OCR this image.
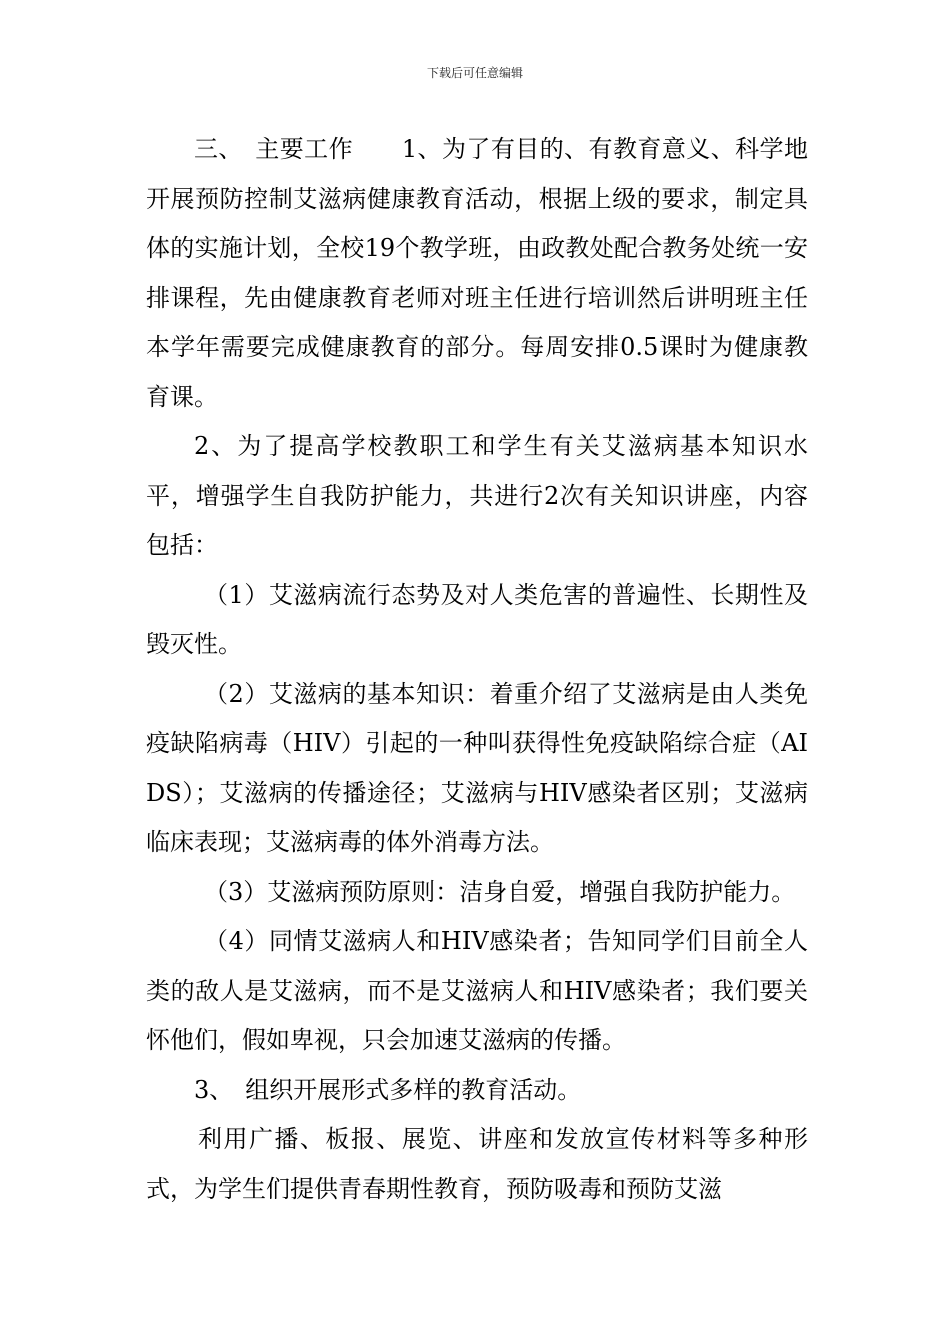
下载后可任意编辑

三、　主要工作　　1、为了有目的、有教育意义、科学地开展预防控制艾滋病健康教育活动，根据上级的要求，制定具体的实施计划，全校19个教学班，由政教处配合教务处统一安排课程，先由健康教育老师对班主任进行培训然后讲明班主任本学年需要完成健康教育的部分。每周安排0.5课时为健康教育课。

2、为了提高学校教职工和学生有关艾滋病基本知识水平，增强学生自我防护能力，共进行2次有关知识讲座，内容包括：

（1）艾滋病流行态势及对人类危害的普遍性、长期性及毁灭性。

（2）艾滋病的基本知识：着重介绍了艾滋病是由人类免疫缺陷病毒（HIV）引起的一种叫获得性免疫缺陷综合症（AIDS）；艾滋病的传播途径；艾滋病与HIV感染者区别；艾滋病临床表现；艾滋病毒的体外消毒方法。

（3）艾滋病预防原则：洁身自爱，增强自我防护能力。

（4）同情艾滋病人和HIV感染者；告知同学们目前全人类的敌人是艾滋病，而不是艾滋病人和HIV感染者；我们要关怀他们，假如卑视，只会加速艾滋病的传播。

3、　组织开展形式多样的教育活动。

利用广播、板报、展览、讲座和发放宣传材料等多种形式，为学生们提供青春期性教育，预防吸毒和预防艾滋
